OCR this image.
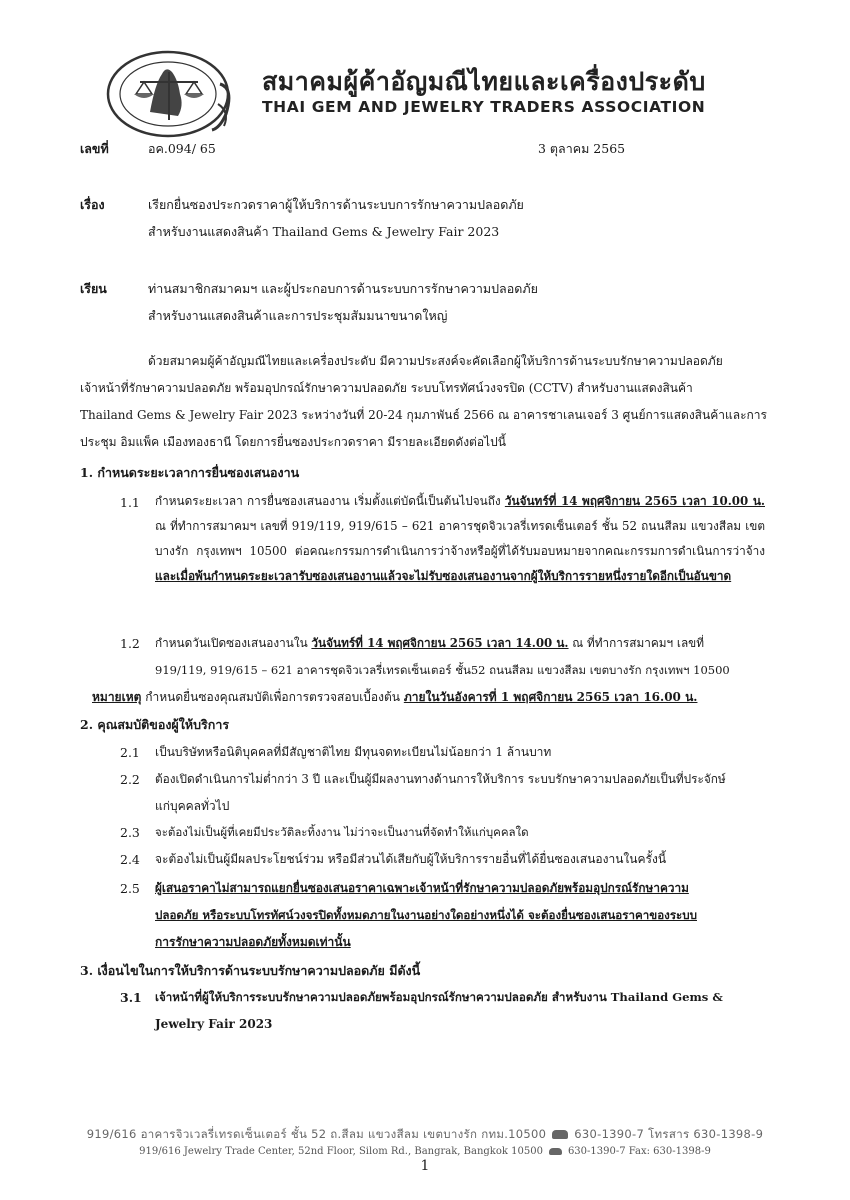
สมาคมผู้ค้าอัญมณีไทยและเครื่องประดับ
THAI GEM AND JEWELRY TRADERS ASSOCIATION
เลขที่	อค.094/ 65	3 ตุลาคม 2565
เรื่อง	เรียกยื่นซองประกวดราคาผู้ให้บริการด้านระบบการรักษาความปลอดภัย
สำหรับงานแสดงสินค้า Thailand Gems & Jewelry Fair 2023
เรียน	ท่านสมาชิกสมาคมฯ และผู้ประกอบการด้านระบบการรักษาความปลอดภัย
สำหรับงานแสดงสินค้าและการประชุมสัมมนาขนาดใหญ่
ด้วยสมาคมผู้ค้าอัญมณีไทยและเครื่องประดับ มีความประสงค์จะคัดเลือกผู้ให้บริการด้านระบบรักษาความปลอดภัย
เจ้าหน้าที่รักษาความปลอดภัย พร้อมอุปกรณ์รักษาความปลอดภัย ระบบโทรทัศน์วงจรปิด (CCTV) สำหรับงานแสดงสินค้า
Thailand Gems & Jewelry Fair 2023 ระหว่างวันที่ 20-24 กุมภาพันธ์ 2566 ณ อาคารชาเลนเจอร์ 3 ศูนย์การแสดงสินค้าและการ
ประชุม อิมแพ็ค เมืองทองธานี โดยการยื่นซองประกวดราคา มีรายละเอียดดังต่อไปนี้
1. กำหนดระยะเวลาการยื่นซองเสนองาน
1.1 กำหนดระยะเวลา การยื่นซองเสนองาน เริ่มตั้งแต่บัดนี้เป็นต้นไปจนถึง วันจันทร์ที่ 14 พฤศจิกายน 2565 เวลา 10.00 น. ณ ที่ทำการสมาคมฯ เลขที่ 919/119, 919/615 – 621 อาคารชุดจิวเวลรี่เทรดเซ็นเตอร์ ชั้น 52 ถนนสีลม แขวงสีลม เขตบางรัก กรุงเทพฯ 10500 ต่อคณะกรรมการดำเนินการว่าจ้างหรือผู้ที่ได้รับมอบหมายจากคณะกรรมการดำเนินการว่าจ้าง และเมื่อพ้นกำหนดระยะเวลารับซองเสนองานแล้วจะไม่รับซองเสนองานจากผู้ให้บริการรายหนึ่งรายใดอีกเป็นอันขาด
1.2 กำหนดวันเปิดซองเสนองานใน วันจันทร์ที่ 14 พฤศจิกายน 2565 เวลา 14.00 น. ณ ที่ทำการสมาคมฯ เลขที่
919/119, 919/615 – 621 อาคารชุดจิวเวลรี่เทรดเซ็นเตอร์ ชั้น52 ถนนสีลม แขวงสีลม เขตบางรัก กรุงเทพฯ 10500
หมายเหตุ กำหนดยื่นซองคุณสมบัติเพื่อการตรวจสอบเบื้องต้น ภายในวันอังคารที่ 1 พฤศจิกายน 2565 เวลา 16.00 น.
2. คุณสมบัติของผู้ให้บริการ
2.1 เป็นบริษัทหรือนิติบุคคลที่มีสัญชาติไทย มีทุนจดทะเบียนไม่น้อยกว่า 1 ล้านบาท
2.2 ต้องเปิดดำเนินการไม่ต่ำกว่า 3 ปี และเป็นผู้มีผลงานทางด้านการให้บริการ ระบบรักษาความปลอดภัยเป็นที่ประจักษ์
แก่บุคคลทั่วไป
2.3 จะต้องไม่เป็นผู้ที่เคยมีประวัติละทิ้งงาน ไม่ว่าจะเป็นงานที่จัดทำให้แก่บุคคลใด
2.4 จะต้องไม่เป็นผู้มีผลประโยชน์ร่วม หรือมีส่วนได้เสียกับผู้ให้บริการรายอื่นที่ได้ยื่นซองเสนองานในครั้งนี้
2.5 ผู้เสนอราคาไม่สามารถแยกยื่นซองเสนอราคาเฉพาะเจ้าหน้าที่รักษาความปลอดภัยพร้อมอุปกรณ์รักษาความ
ปลอดภัย หรือระบบโทรทัศน์วงจรปิดทั้งหมดภายในงานอย่างใดอย่างหนึ่งได้ จะต้องยื่นซองเสนอราคาของระบบ
การรักษาความปลอดภัยทั้งหมดเท่านั้น
3. เงื่อนไขในการให้บริการด้านระบบรักษาความปลอดภัย มีดังนี้
3.1 เจ้าหน้าที่ผู้ให้บริการระบบรักษาความปลอดภัยพร้อมอุปกรณ์รักษาความปลอดภัย สำหรับงาน Thailand Gems &
Jewelry Fair 2023
919/616 อาคารจิวเวลรี่เทรดเซ็นเตอร์ ชั้น 52 ถ.สีลม แขวงสีลม เขตบางรัก กทม.10500 630-1390-7 โทรสาร 630-1398-9
919/616 Jewelry Trade Center, 52nd Floor, Silom Rd., Bangrak, Bangkok 10500	630-1390-7 Fax: 630-1398-9
1
